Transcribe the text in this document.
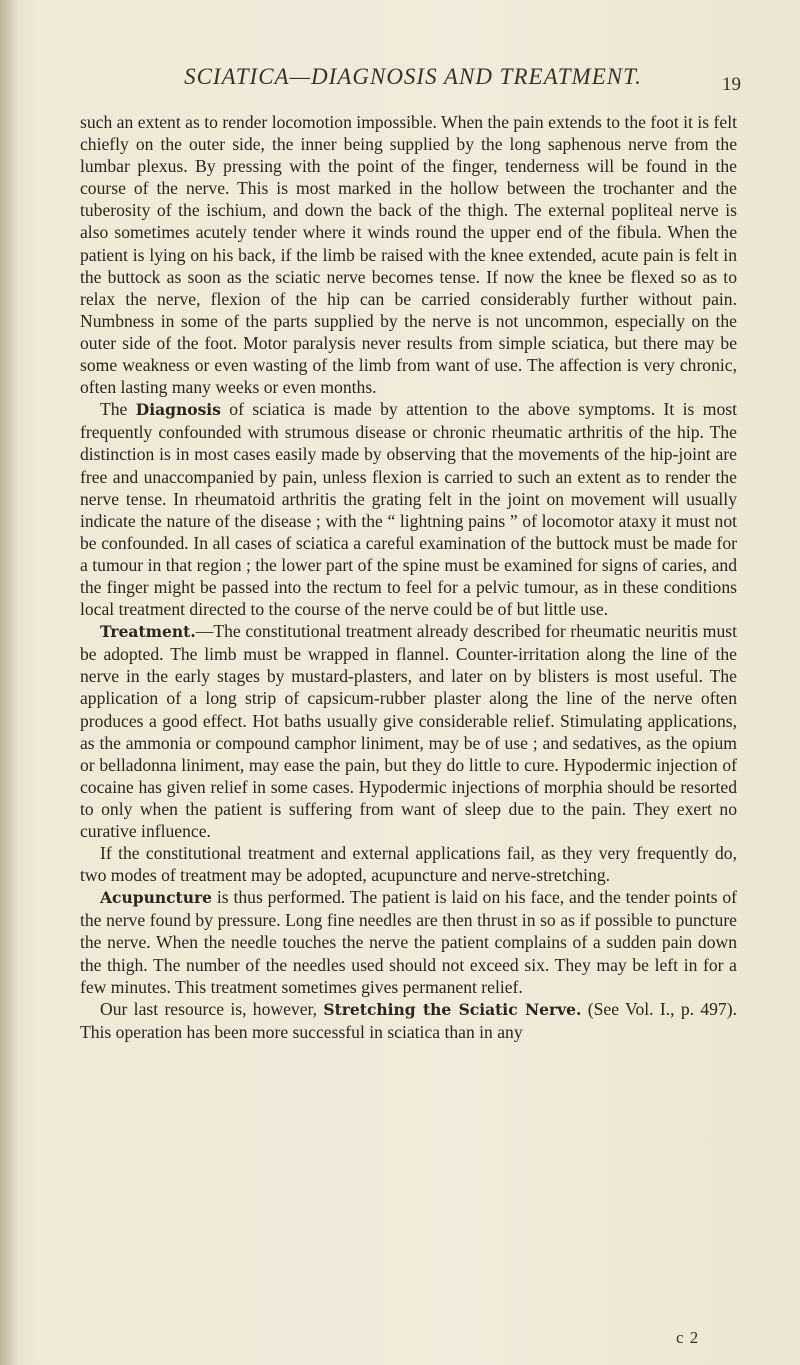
SCIATICA—DIAGNOSIS AND TREATMENT.	19

such an extent as to render locomotion impossible. When the pain extends to the foot it is felt chiefly on the outer side, the inner being supplied by the long saphenous nerve from the lumbar plexus. By pressing with the point of the finger, tenderness will be found in the course of the nerve. This is most marked in the hollow between the trochanter and the tuberosity of the ischium, and down the back of the thigh. The external popliteal nerve is also sometimes acutely tender where it winds round the upper end of the fibula. When the patient is lying on his back, if the limb be raised with the knee extended, acute pain is felt in the buttock as soon as the sciatic nerve becomes tense. If now the knee be flexed so as to relax the nerve, flexion of the hip can be carried considerably further without pain. Numbness in some of the parts supplied by the nerve is not uncommon, especially on the outer side of the foot. Motor paralysis never results from simple sciatica, but there may be some weakness or even wasting of the limb from want of use. The affection is very chronic, often lasting many weeks or even months.

The Diagnosis of sciatica is made by attention to the above symptoms. It is most frequently confounded with strumous disease or chronic rheumatic arthritis of the hip. The distinction is in most cases easily made by observing that the movements of the hip-joint are free and unaccompanied by pain, unless flexion is carried to such an extent as to render the nerve tense. In rheumatoid arthritis the grating felt in the joint on movement will usually indicate the nature of the disease ; with the “ lightning pains ” of locomotor ataxy it must not be confounded. In all cases of sciatica a careful examination of the buttock must be made for a tumour in that region ; the lower part of the spine must be examined for signs of caries, and the finger might be passed into the rectum to feel for a pelvic tumour, as in these conditions local treatment directed to the course of the nerve could be of but little use.

Treatment.—The constitutional treatment already described for rheumatic neuritis must be adopted. The limb must be wrapped in flannel. Counter-irritation along the line of the nerve in the early stages by mustard-plasters, and later on by blisters is most useful. The application of a long strip of capsicum-rubber plaster along the line of the nerve often produces a good effect. Hot baths usually give considerable relief. Stimulating applications, as the ammonia or compound camphor liniment, may be of use ; and sedatives, as the opium or belladonna liniment, may ease the pain, but they do little to cure. Hypodermic injection of cocaine has given relief in some cases. Hypodermic injections of morphia should be resorted to only when the patient is suffering from want of sleep due to the pain. They exert no curative influence.

If the constitutional treatment and external applications fail, as they very frequently do, two modes of treatment may be adopted, acupuncture and nerve-stretching.

Acupuncture is thus performed. The patient is laid on his face, and the tender points of the nerve found by pressure. Long fine needles are then thrust in so as if possible to puncture the nerve. When the needle touches the nerve the patient complains of a sudden pain down the thigh. The number of the needles used should not exceed six. They may be left in for a few minutes. This treatment sometimes gives permanent relief.

Our last resource is, however, Stretching the Sciatic Nerve. (See Vol. I., p. 497). This operation has been more successful in sciatica than in any

c 2
